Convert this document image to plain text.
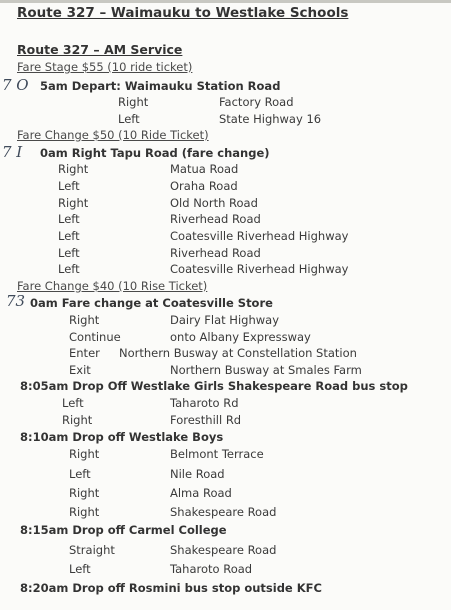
Route 327 – Waimauku to Westlake Schools
Route 327 – AM Service
Fare Stage $55 (10 ride ticket)
7 O 5am Depart: Waimauku Station Road
Right	Factory Road
Left	State Highway 16
Fare Change $50 (10 Ride Ticket)
7 I 0am Right Tapu Road (fare change)
Right	Matua Road
Left	Oraha Road
Right	Old North Road
Left	Riverhead Road
Left	Coatesville Riverhead Highway
Left	Riverhead Road
Left	Coatesville Riverhead Highway
Fare Change $40 (10 Rise Ticket)
73 0am Fare change at Coatesville Store
Right	Dairy Flat Highway
Continue	onto Albany Expressway
Enter Northern Busway at Constellation Station
Exit	Northern Busway at Smales Farm
8:05am Drop Off Westlake Girls Shakespeare Road bus stop
Left	Taharoto Rd
Right	Foresthill Rd
8:10am Drop off Westlake Boys
Right	Belmont Terrace
Left	Nile Road
Right	Alma Road
Right	Shakespeare Road
8:15am Drop off Carmel College
Straight	Shakespeare Road
Left	Taharoto Road
8:20am Drop off Rosmini bus stop outside KFC
